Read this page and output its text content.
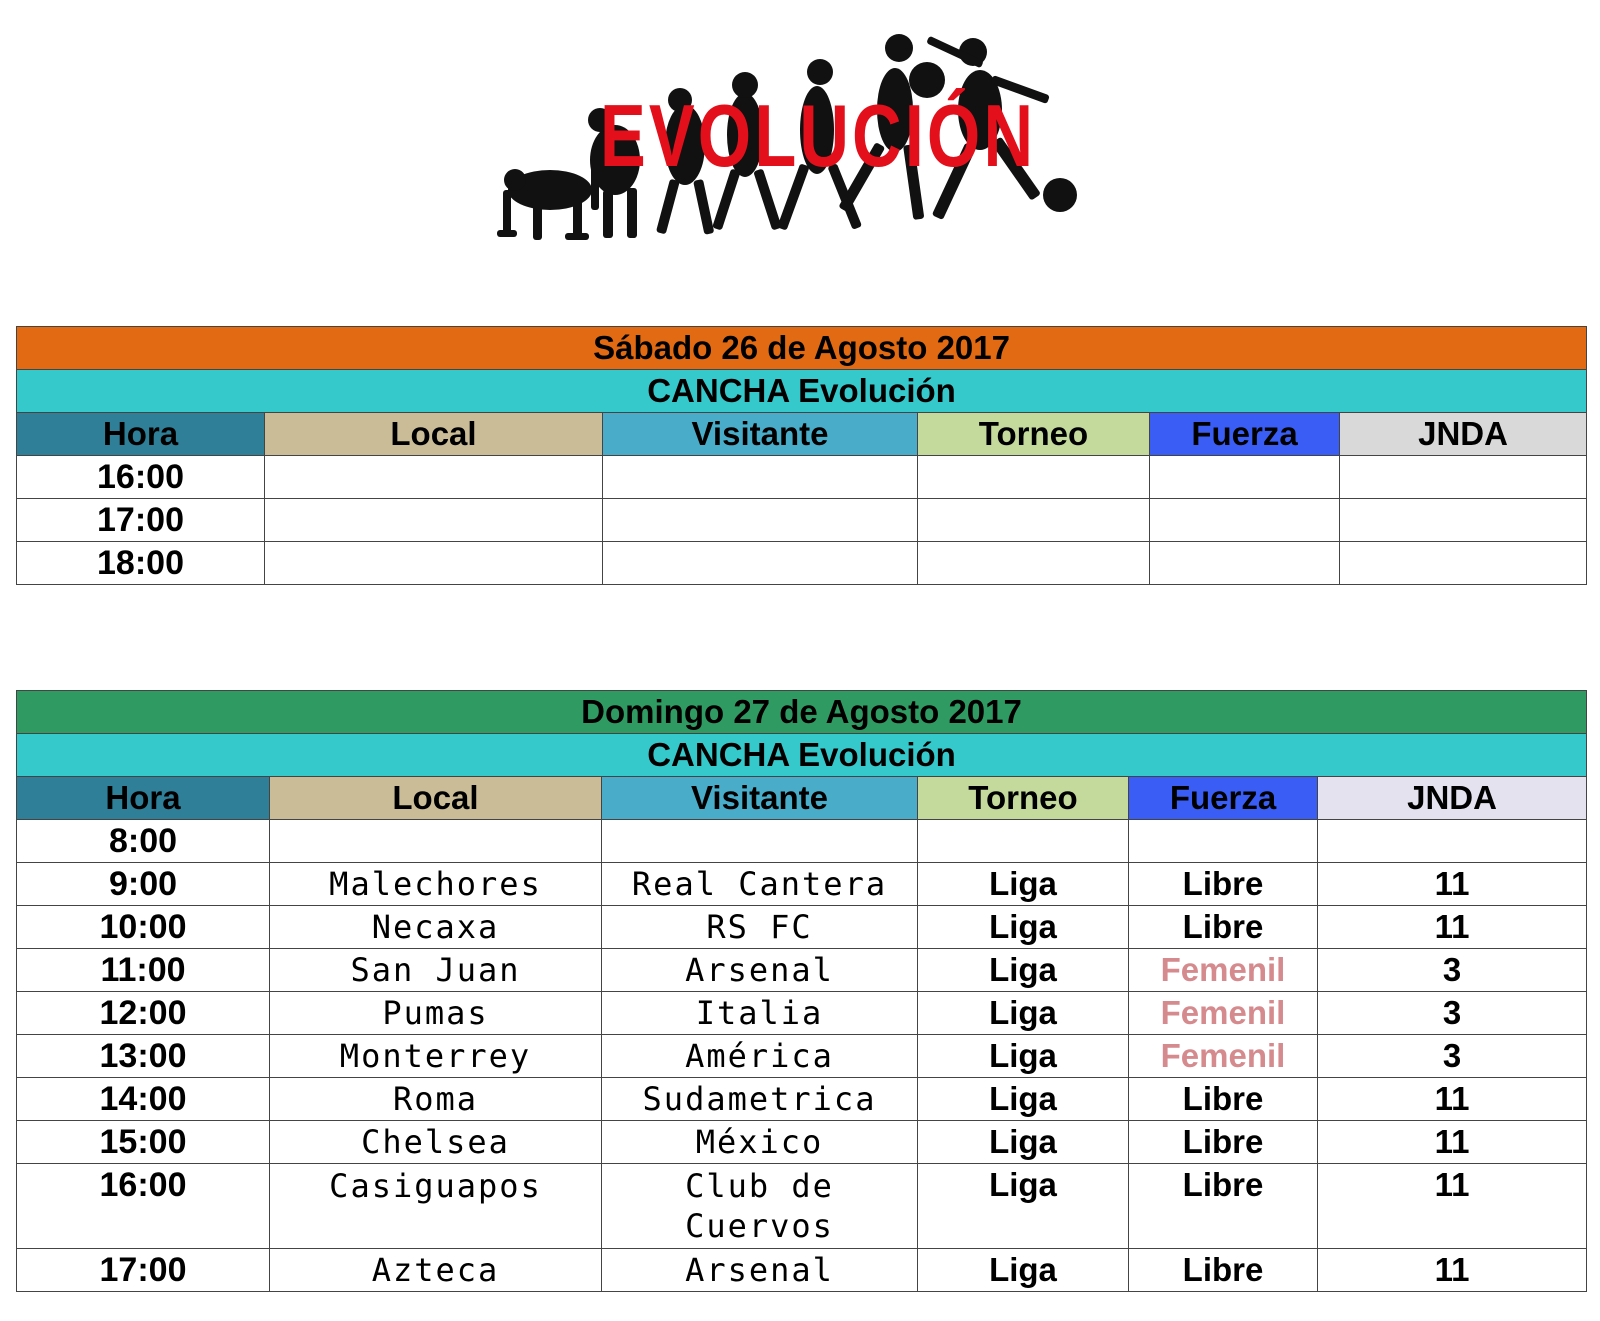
EVOLUCIÓN
Sábado 26 de Agosto 2017					
CANCHA Evolución					
Hora	Local	Visitante	Torneo	Fuerza	JNDA
16:00					
17:00					
18:00					
Domingo 27 de Agosto 2017					
CANCHA Evolución					
Hora	Local	Visitante	Torneo	Fuerza	JNDA
8:00					
9:00	Malechores	Real Cantera	Liga	Libre	11
10:00	Necaxa	RS FC	Liga	Libre	11
11:00	San Juan	Arsenal	Liga	Femenil	3
12:00	Pumas	Italia	Liga	Femenil	3
13:00	Monterrey	América	Liga	Femenil	3
14:00	Roma	Sudametrica	Liga	Libre	11
15:00	Chelsea	México	Liga	Libre	11
16:00	Casiguapos	Club de Cuervos	Liga	Libre	11
17:00	Azteca	Arsenal	Liga	Libre	11
